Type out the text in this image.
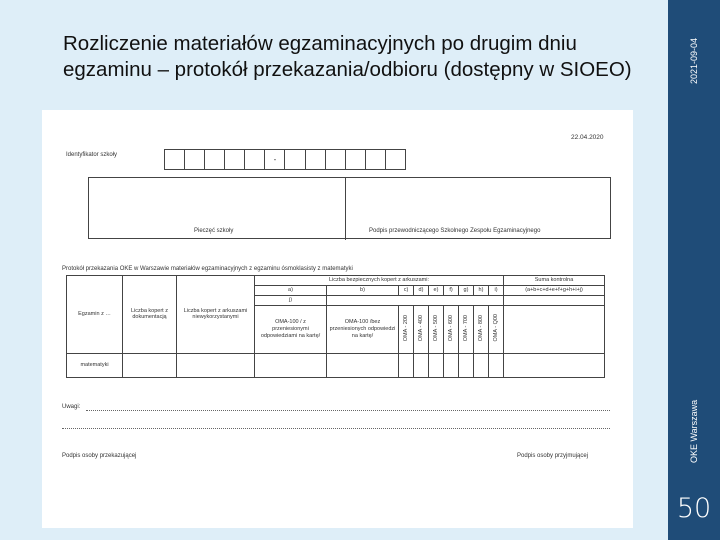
2021-09-04
OKE Warszawa
50
Rozliczenie materiałów egzaminacyjnych po drugim dniu
egzaminu – protokół przekazania/odbioru (dostępny w SIOEO)
22.04.2020
Identyfikator szkoły	-
Pieczęć szkoły	Podpis przewodniczącego Szkolnego Zespołu Egzaminacyjnego
Protokół przekazania OKE w Warszawie materiałów egzaminacyjnych z egzaminu ósmoklasisty z matematyki
Egzamin z …	Liczba kopert z dokumentacją	Liczba kopert z arkuszami niewykorzystanymi	Liczba bezpiecznych kopert z arkuszami:									Suma kontrolna
			a)	b)	c)	d)	e)	f)	g)	h)	i)	(a+b+c+d+e+f+g+h+i+j)
			j)									
			OMA-100 / z przeniesionymi odpowiedziami na kartę/	OMA-100 /bez przeniesionych odpowiedzi na kartę/	OMA - 200	OMA - 400	OMA - 500	OMA - 600	OMA - 700	OMA - 800	OMA - Q00	
matematyki												
Uwagi:
Podpis osoby przekazującej	Podpis osoby przyjmującej
